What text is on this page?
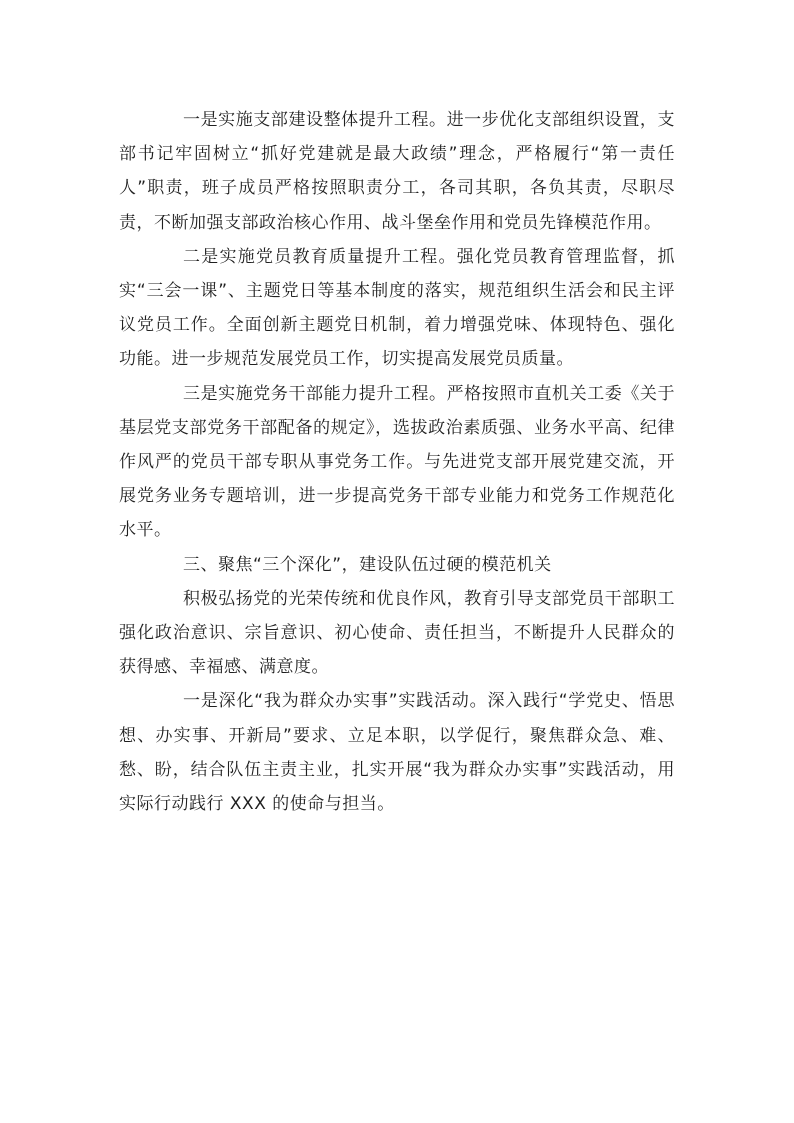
一是实施支部建设整体提升工程。进一步优化支部组织设置，支部书记牢固树立“抓好党建就是最大政绩”理念，严格履行“第一责任人”职责，班子成员严格按照职责分工，各司其职，各负其责，尽职尽责，不断加强支部政治核心作用、战斗堡垒作用和党员先锋模范作用。

二是实施党员教育质量提升工程。强化党员教育管理监督，抓实“三会一课”、主题党日等基本制度的落实，规范组织生活会和民主评议党员工作。全面创新主题党日机制，着力增强党味、体现特色、强化功能。进一步规范发展党员工作，切实提高发展党员质量。

三是实施党务干部能力提升工程。严格按照市直机关工委《关于基层党支部党务干部配备的规定》，选拔政治素质强、业务水平高、纪律作风严的党员干部专职从事党务工作。与先进党支部开展党建交流，开展党务业务专题培训，进一步提高党务干部专业能力和党务工作规范化水平。

三、聚焦“三个深化”，建设队伍过硬的模范机关

积极弘扬党的光荣传统和优良作风，教育引导支部党员干部职工强化政治意识、宗旨意识、初心使命、责任担当，不断提升人民群众的获得感、幸福感、满意度。

一是深化“我为群众办实事”实践活动。深入践行“学党史、悟思想、办实事、开新局”要求、立足本职，以学促行，聚焦群众急、难、愁、盼，结合队伍主责主业，扎实开展“我为群众办实事”实践活动，用实际行动践行 XXX 的使命与担当。
